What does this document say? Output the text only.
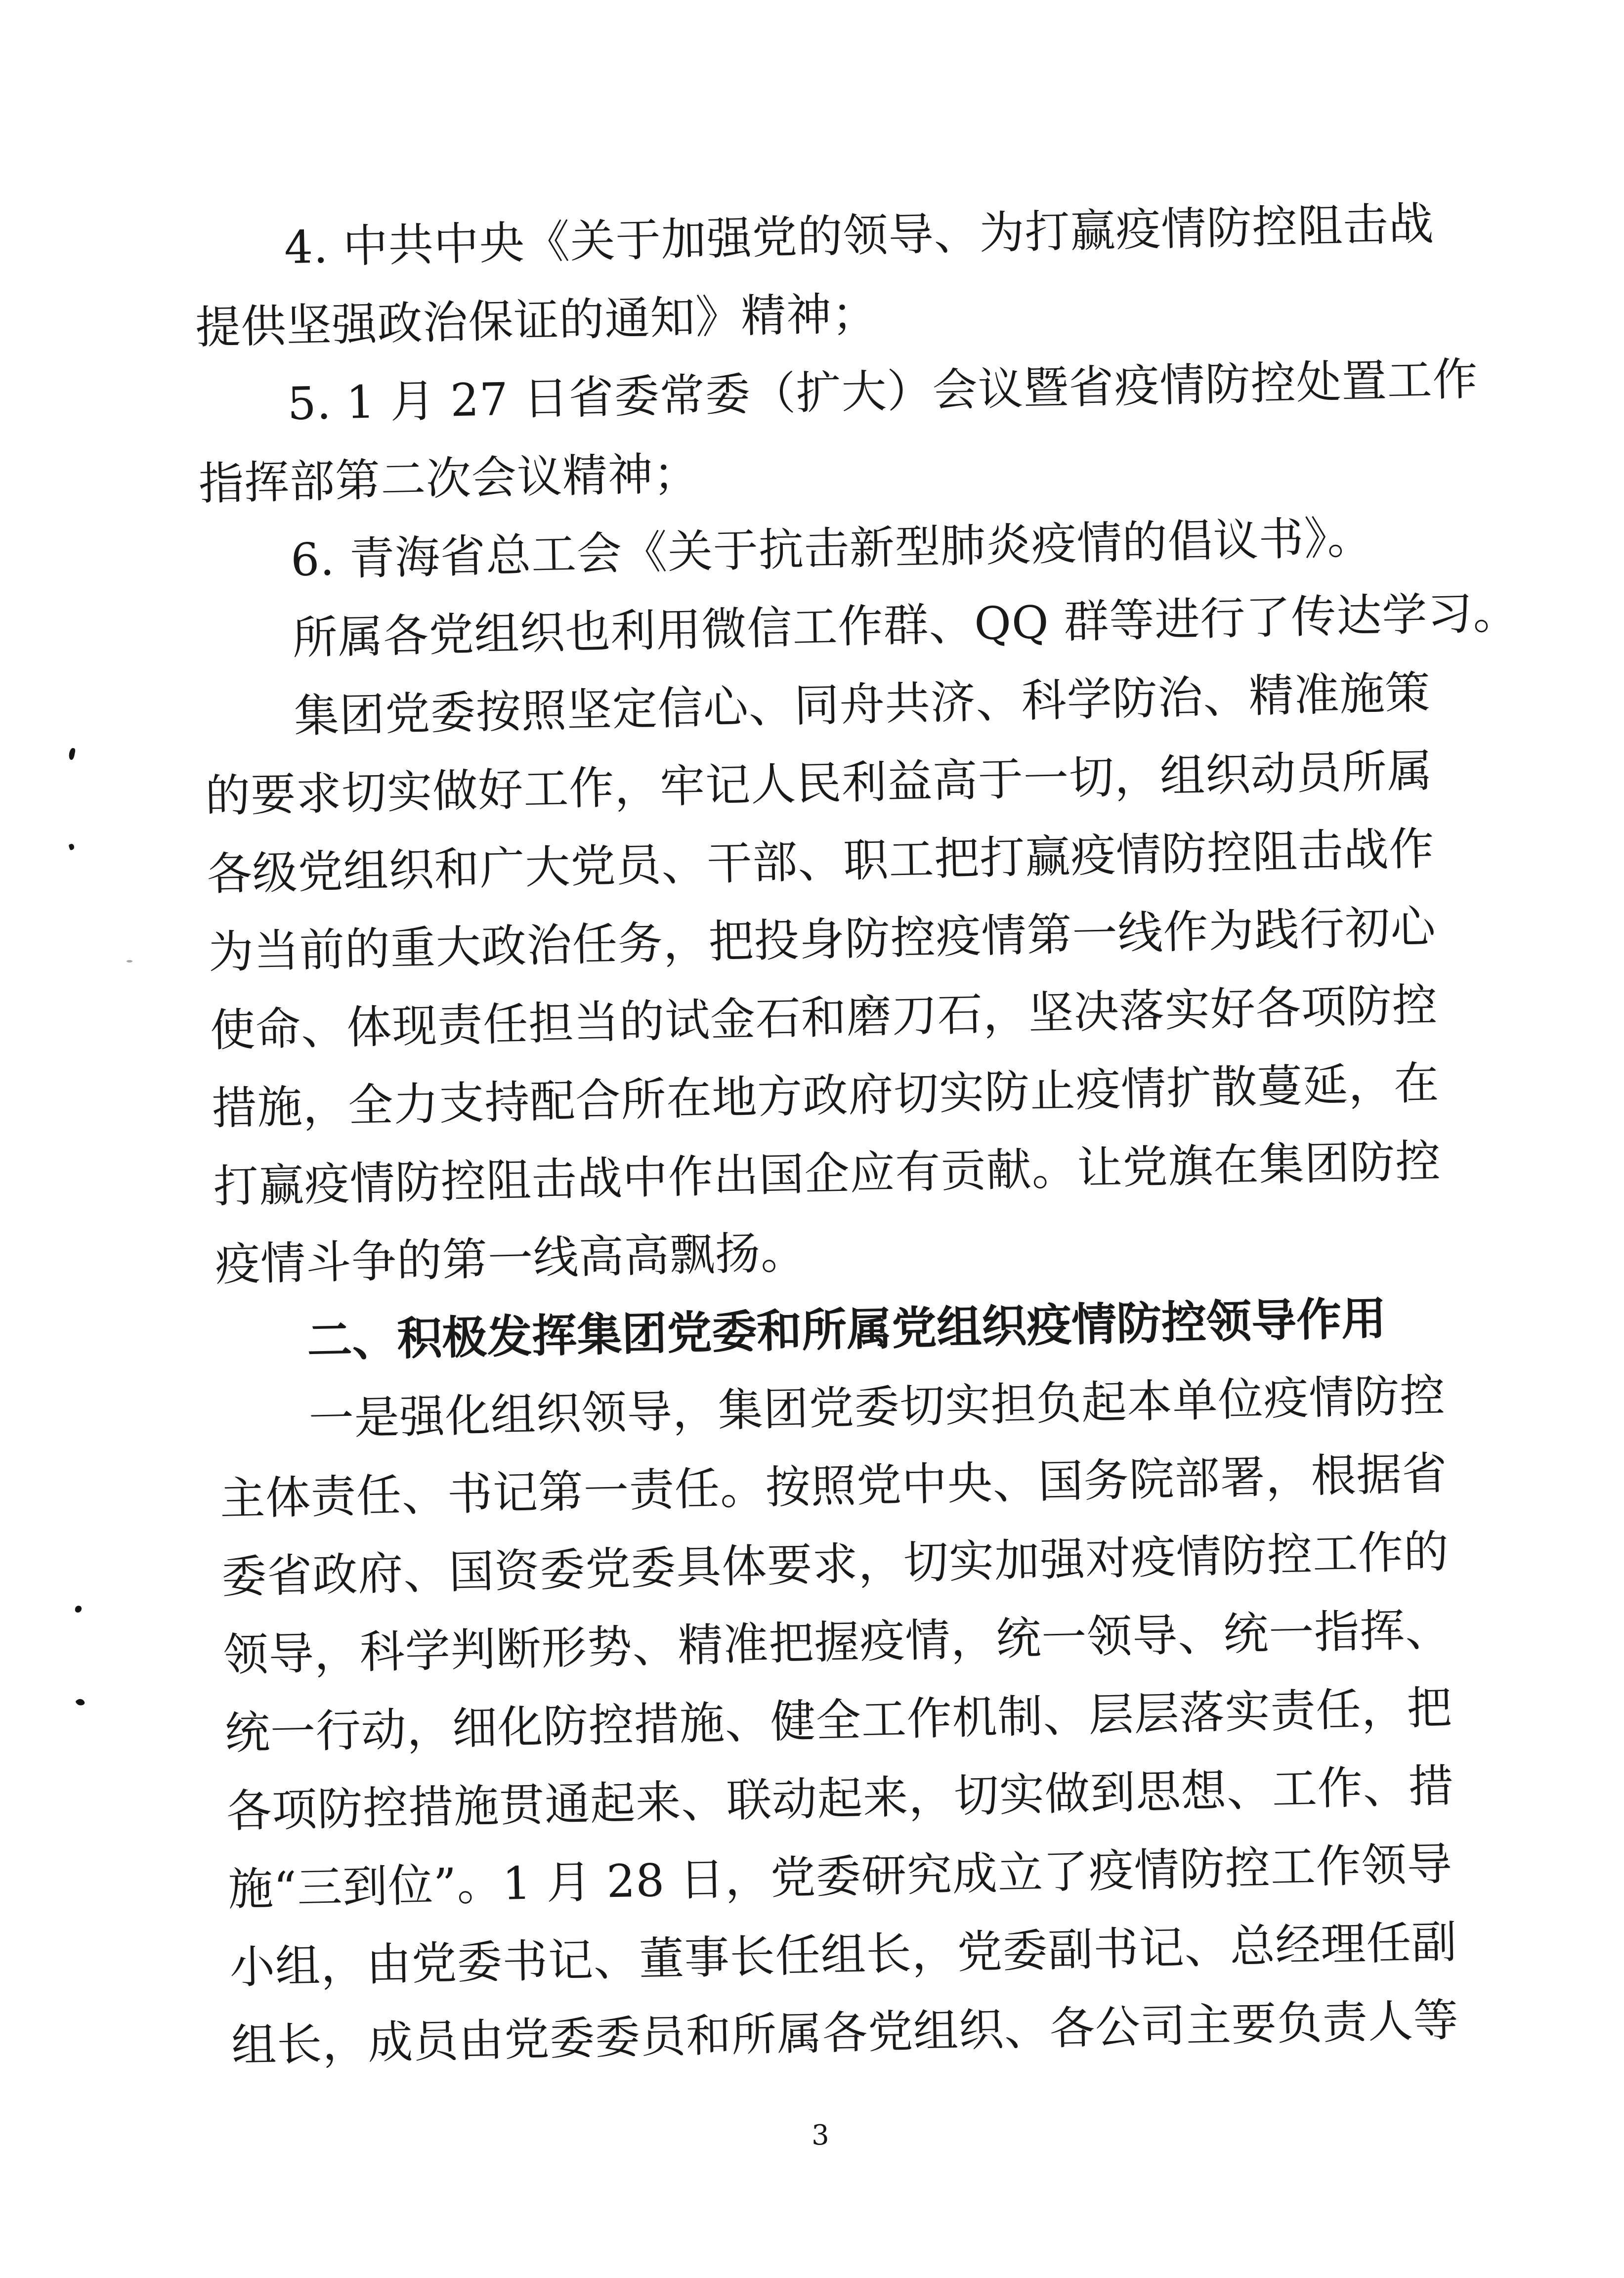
4. 中共中央《关于加强党的领导、为打赢疫情防控阻击战
提供坚强政治保证的通知》精神；
5. 1 月 27 日省委常委（扩大）会议暨省疫情防控处置工作
指挥部第二次会议精神；
6. 青海省总工会《关于抗击新型肺炎疫情的倡议书》。
所属各党组织也利用微信工作群、QQ 群等进行了传达学习。
集团党委按照坚定信心、同舟共济、科学防治、精准施策
的要求切实做好工作，牢记人民利益高于一切，组织动员所属
各级党组织和广大党员、干部、职工把打赢疫情防控阻击战作
为当前的重大政治任务，把投身防控疫情第一线作为践行初心
使命、体现责任担当的试金石和磨刀石，坚决落实好各项防控
措施，全力支持配合所在地方政府切实防止疫情扩散蔓延，在
打赢疫情防控阻击战中作出国企应有贡献。让党旗在集团防控
疫情斗争的第一线高高飘扬。
二、积极发挥集团党委和所属党组织疫情防控领导作用
一是强化组织领导，集团党委切实担负起本单位疫情防控
主体责任、书记第一责任。按照党中央、国务院部署，根据省
委省政府、国资委党委具体要求，切实加强对疫情防控工作的
领导，科学判断形势、精准把握疫情，统一领导、统一指挥、
统一行动，细化防控措施、健全工作机制、层层落实责任，把
各项防控措施贯通起来、联动起来，切实做到思想、工作、措
施“三到位”。1 月 28 日，党委研究成立了疫情防控工作领导
小组，由党委书记、董事长任组长，党委副书记、总经理任副
组长，成员由党委委员和所属各党组织、各公司主要负责人等
3
